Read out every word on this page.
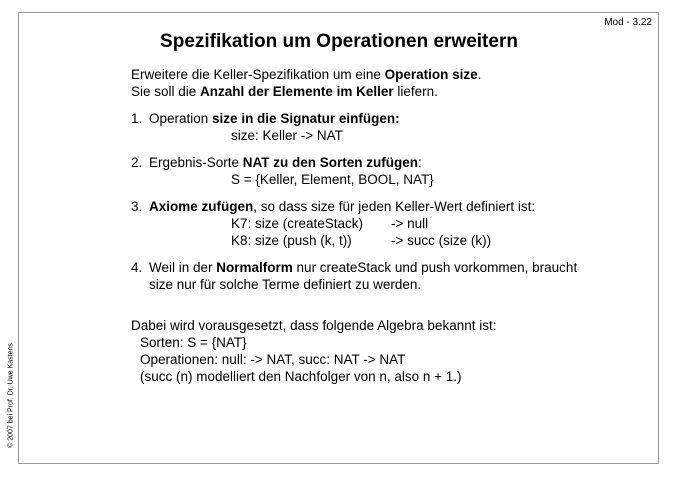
Mod - 3.22
© 2007 bei Prof. Dr. Uwe Kastens
Spezifikation um Operationen erweitern

Erweitere die Keller-Spezifikation um eine Operation size.

Sie soll die Anzahl der Elemente im Keller liefern.

1. Operation size in die Signatur einfügen:

size: Keller -> NAT

2. Ergebnis-Sorte NAT zu den Sorten zufügen:

S = {Keller, Element, BOOL, NAT}

3. Axiome zufügen, so dass size für jeden Keller-Wert definiert ist:

K7: size (createStack) -> null

K8: size (push (k, t))	-> succ (size (k))

4. Weil in der Normalform nur createStack und push vorkommen, braucht

size nur für solche Terme definiert zu werden.

Dabei wird vorausgesetzt, dass folgende Algebra bekannt ist:

Sorten: S = {NAT}

Operationen: null: -> NAT, succ: NAT -> NAT

(succ (n) modelliert den Nachfolger von n, also n + 1.)
